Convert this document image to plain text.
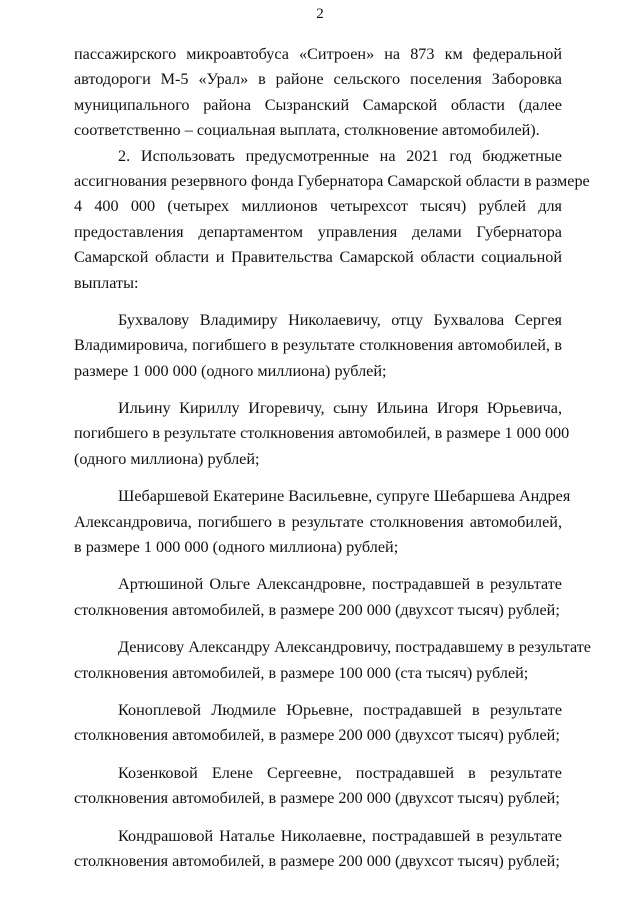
2
пассажирского микроавтобуса «Ситроен» на 873 км федеральной
автодороги М-5 «Урал» в районе сельского поселения Заборовка
муниципального района Сызранский Самарской области (далее
соответственно – социальная выплата, столкновение автомобилей).
2. Использовать предусмотренные на 2021 год бюджетные
ассигнования резервного фонда Губернатора Самарской области в размере
4 400 000 (четырех миллионов четырехсот тысяч) рублей для
предоставления департаментом управления делами Губернатора
Самарской области и Правительства Самарской области социальной
выплаты:
Бухвалову Владимиру Николаевичу, отцу Бухвалова Сергея
Владимировича, погибшего в результате столкновения автомобилей, в
размере 1 000 000 (одного миллиона) рублей;
Ильину Кириллу Игоревичу, сыну Ильина Игоря Юрьевича,
погибшего в результате столкновения автомобилей, в размере 1 000 000
(одного миллиона) рублей;
Шебаршевой Екатерине Васильевне, супруге Шебаршева Андрея
Александровича, погибшего в результате столкновения автомобилей,
в размере 1 000 000 (одного миллиона) рублей;
Артюшиной Ольге Александровне, пострадавшей в результате
столкновения автомобилей, в размере 200 000 (двухсот тысяч) рублей;
Денисову Александру Александровичу, пострадавшему в результате
столкновения автомобилей, в размере 100 000 (ста тысяч) рублей;
Коноплевой Людмиле Юрьевне, пострадавшей в результате
столкновения автомобилей, в размере 200 000 (двухсот тысяч) рублей;
Козенковой Елене Сергеевне, пострадавшей в результате
столкновения автомобилей, в размере 200 000 (двухсот тысяч) рублей;
Кондрашовой Наталье Николаевне, пострадавшей в результате
столкновения автомобилей, в размере 200 000 (двухсот тысяч) рублей;
